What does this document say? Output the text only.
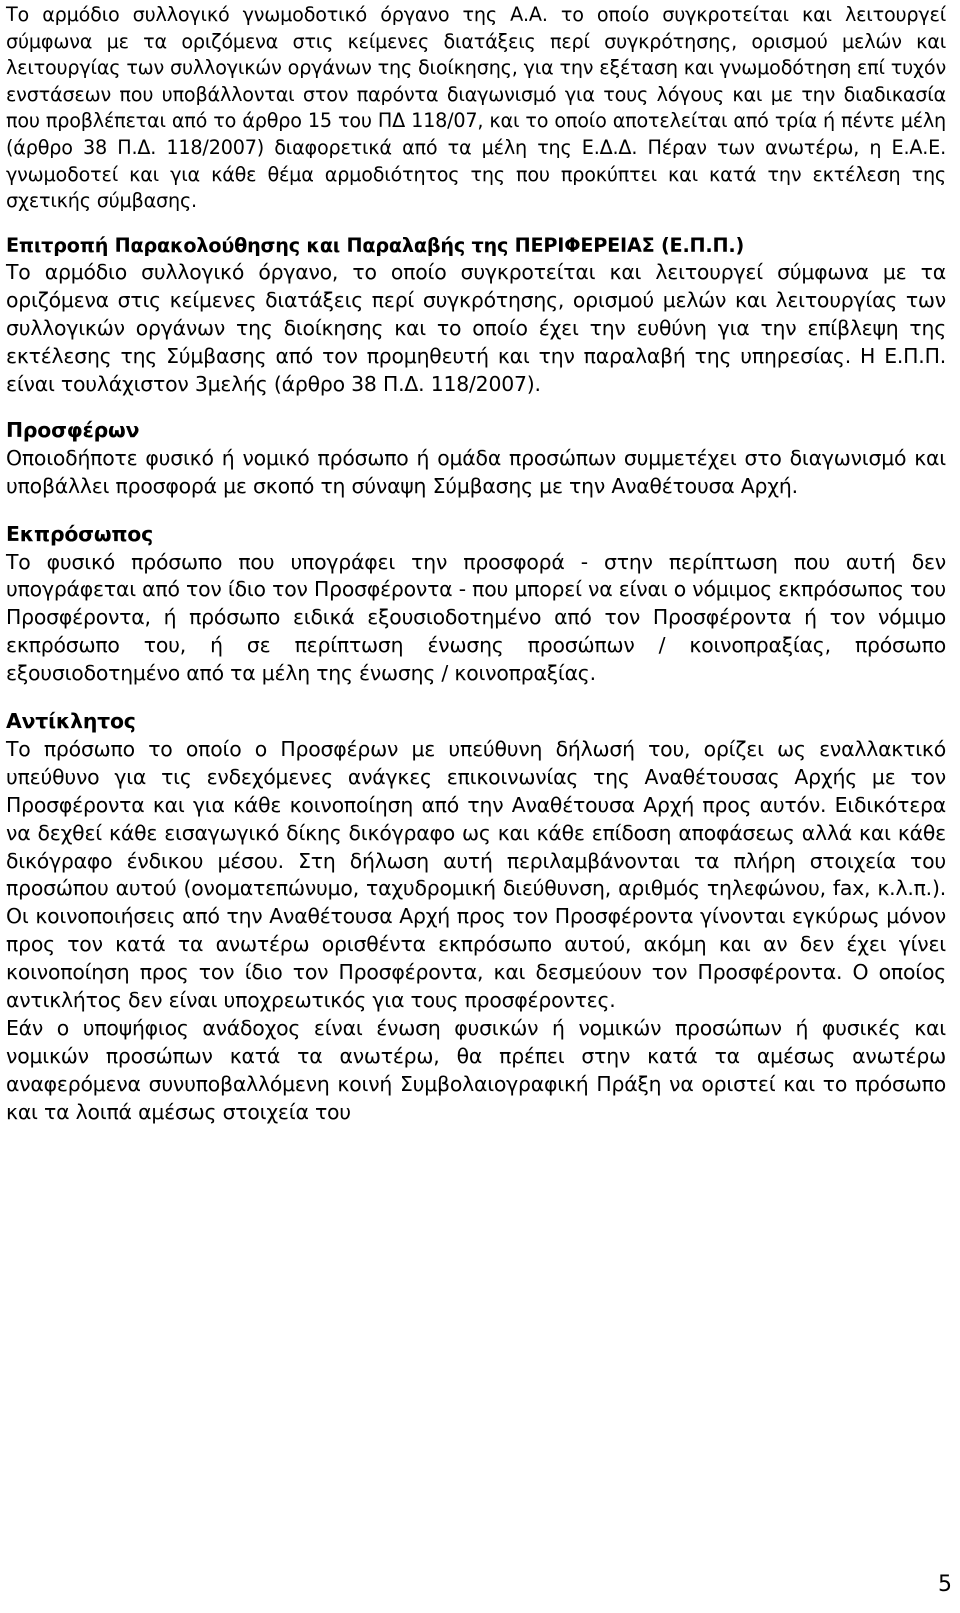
Το αρμόδιο συλλογικό γνωμοδοτικό όργανο της Α.Α. το οποίο συγκροτείται και λειτουργεί σύμφωνα με τα οριζόμενα στις κείμενες διατάξεις περί συγκρότησης, ορισμού μελών και λειτουργίας των συλλογικών οργάνων της διοίκησης, για την εξέταση και γνωμοδότηση επί τυχόν ενστάσεων που υποβάλλονται στον παρόντα διαγωνισμό για τους λόγους και με την διαδικασία που προβλέπεται από το άρθρο 15 του ΠΔ 118/07, και το οποίο αποτελείται από τρία ή πέντε μέλη (άρθρο 38 Π.Δ. 118/2007) διαφορετικά από τα μέλη της Ε.Δ.Δ. Πέραν των ανωτέρω, η Ε.Α.Ε. γνωμοδοτεί και για κάθε θέμα αρμοδιότητος της που προκύπτει και κατά την εκτέλεση της σχετικής σύμβασης.

Επιτροπή Παρακολούθησης και Παραλαβής της ΠΕΡΙΦΕΡΕΙΑΣ (Ε.Π.Π.)

Το αρμόδιο συλλογικό όργανο, το οποίο συγκροτείται και λειτουργεί σύμφωνα με τα οριζόμενα στις κείμενες διατάξεις περί συγκρότησης, ορισμού μελών και λειτουργίας των συλλογικών οργάνων της διοίκησης και το οποίο έχει την ευθύνη για την επίβλεψη της εκτέλεσης της Σύμβασης από τον προμηθευτή και την παραλαβή της υπηρεσίας. Η Ε.Π.Π. είναι τουλάχιστον 3μελής (άρθρο 38 Π.Δ. 118/2007).

Προσφέρων

Οποιοδήποτε φυσικό ή νομικό πρόσωπο ή ομάδα προσώπων συμμετέχει στο διαγωνισμό και υποβάλλει προσφορά με σκοπό τη σύναψη Σύμβασης με την Αναθέτουσα Αρχή.

Εκπρόσωπος

Το φυσικό πρόσωπο που υπογράφει την προσφορά - στην περίπτωση που αυτή δεν υπογράφεται από τον ίδιο τον Προσφέροντα - που μπορεί να είναι ο νόμιμος εκπρόσωπος του Προσφέροντα, ή πρόσωπο ειδικά εξουσιοδοτημένο από τον Προσφέροντα ή τον νόμιμο εκπρόσωπο του, ή σε περίπτωση ένωσης προσώπων / κοινοπραξίας, πρόσωπο εξουσιοδοτημένο από τα μέλη της ένωσης / κοινοπραξίας.

Αντίκλητος

Το πρόσωπο το οποίο ο Προσφέρων με υπεύθυνη δήλωσή του, ορίζει ως εναλλακτικό υπεύθυνο για τις ενδεχόμενες ανάγκες επικοινωνίας της Αναθέτουσας Αρχής με τον Προσφέροντα και για κάθε κοινοποίηση από την Αναθέτουσα Αρχή προς αυτόν. Ειδικότερα να δεχθεί κάθε εισαγωγικό δίκης δικόγραφο ως και κάθε επίδοση αποφάσεως αλλά και κάθε δικόγραφο ένδικου μέσου. Στη δήλωση αυτή περιλαμβάνονται τα πλήρη στοιχεία του προσώπου αυτού (ονοματεπώνυμο, ταχυδρομική διεύθυνση, αριθμός τηλεφώνου, fax, κ.λ.π.). Οι κοινοποιήσεις από την Αναθέτουσα Αρχή προς τον Προσφέροντα γίνονται εγκύρως μόνον προς τον κατά τα ανωτέρω ορισθέντα εκπρόσωπο αυτού, ακόμη και αν δεν έχει γίνει κοινοποίηση προς τον ίδιο τον Προσφέροντα, και δεσμεύουν τον Προσφέροντα. Ο οποίος αντικλήτος δεν είναι υποχρεωτικός για τους προσφέροντες.

Εάν ο υποψήφιος ανάδοχος είναι ένωση φυσικών ή νομικών προσώπων ή φυσικές και νομικών προσώπων κατά τα ανωτέρω, θα πρέπει στην κατά τα αμέσως ανωτέρω αναφερόμενα συνυποβαλλόμενη κοινή Συμβολαιογραφική Πράξη να οριστεί και το πρόσωπο και τα λοιπά αμέσως στοιχεία του

5
